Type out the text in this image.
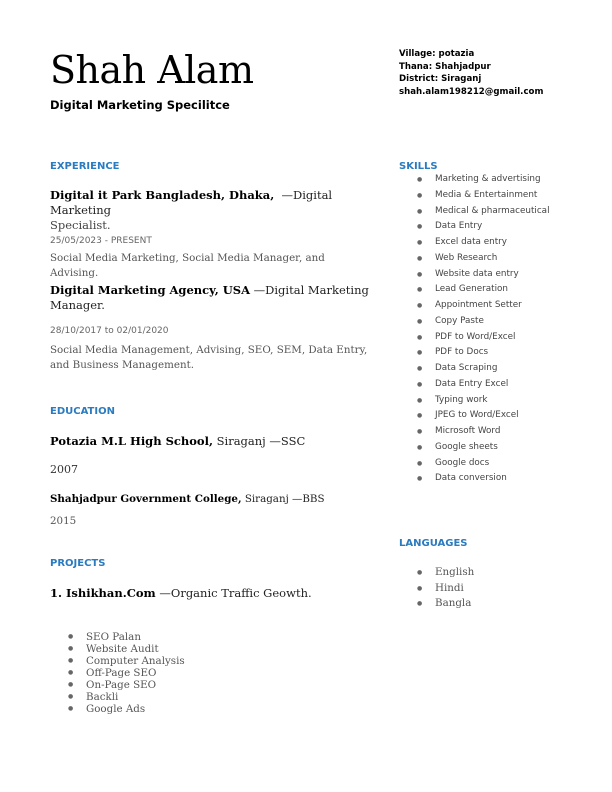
Shah Alam
Digital Marketing Specilitce
Village: potazia
Thana: Shahjadpur
District: Siraganj
shah.alam198212@gmail.com
EXPERIENCE
Digital it Park Bangladesh, Dhaka, —Digital Marketing
Specialist.
25/05/2023 - PRESENT
Social Media Marketing, Social Media Manager, and Advising.
Digital Marketing Agency, USA —Digital Marketing
Manager.
28/10/2017 to 02/01/2020
Social Media Management, Advising, SEO, SEM, Data Entry, and Business Management.
EDUCATION
Potazia M.L High School, Siraganj —SSC
2007
Shahjadpur Government College, Siraganj —BBS
2015
PROJECTS
1. Ishikhan.Com —Organic Traffic Geowth.
● SEO Palan
● Website Audit
● Computer Analysis
● Off-Page SEO
● On-Page SEO
● Backli
● Google Ads
SKILLS
● Marketing & advertising
● Media & Entertainment
● Medical & pharmaceutical
● Data Entry
● Excel data entry
● Web Research
● Website data entry
● Lead Generation
● Appointment Setter
● Copy Paste
● PDF to Word/Excel
● PDF to Docs
● Data Scraping
● Data Entry Excel
● Typing work
● JPEG to Word/Excel
● Microsoft Word
● Google sheets
● Google docs
● Data conversion
LANGUAGES
● English
● Hindi
● Bangla
